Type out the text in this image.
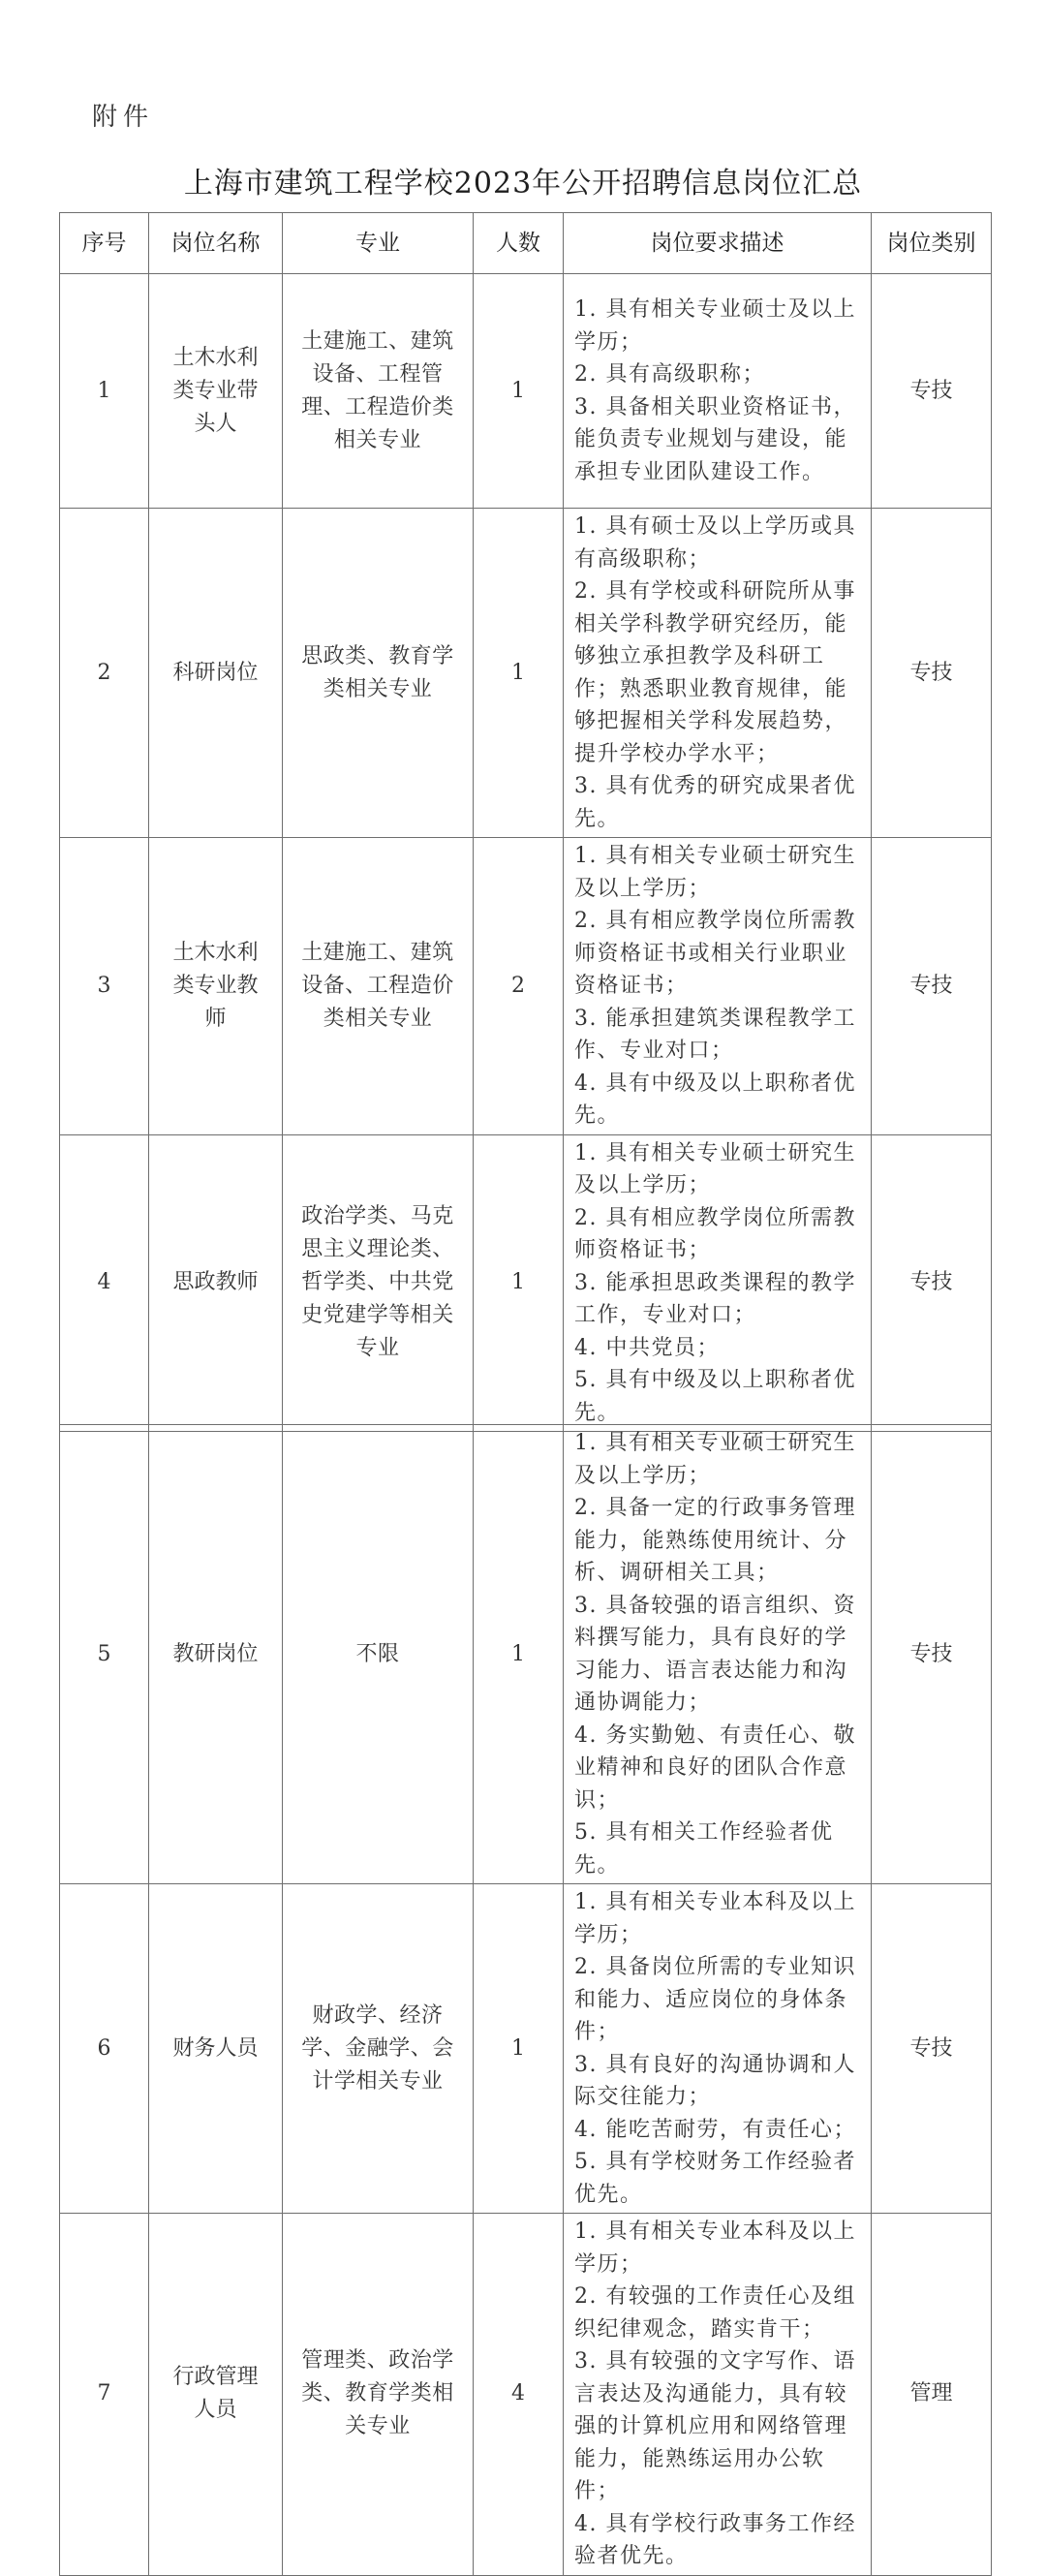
附件
上海市建筑工程学校2023年公开招聘信息岗位汇总
序号	岗位名称	专业	人数	岗位要求描述	岗位类别
1	土木水利类专业带头人	土建施工、建筑设备、工程管理、工程造价类相关专业	1	1. 具有相关专业硕士及以上学历；
2. 具有高级职称；
3. 具备相关职业资格证书，能负责专业规划与建设，能承担专业团队建设工作。	专技
2	科研岗位	思政类、教育学类相关专业	1	1. 具有硕士及以上学历或具有高级职称；
2. 具有学校或科研院所从事相关学科教学研究经历，能够独立承担教学及科研工作；熟悉职业教育规律，能够把握相关学科发展趋势，提升学校办学水平；
3. 具有优秀的研究成果者优先。	专技
3	土木水利类专业教师	土建施工、建筑设备、工程造价类相关专业	2	1. 具有相关专业硕士研究生及以上学历；
2. 具有相应教学岗位所需教师资格证书或相关行业职业资格证书；
3. 能承担建筑类课程教学工作、专业对口；
4. 具有中级及以上职称者优先。	专技
4	思政教师	政治学类、马克思主义理论类、哲学类、中共党史党建学等相关专业	1	1. 具有相关专业硕士研究生及以上学历；
2. 具有相应教学岗位所需教师资格证书；
3. 能承担思政类课程的教学工作，专业对口；
4. 中共党员；
5. 具有中级及以上职称者优先。	专技
5	教研岗位	不限	1	1. 具有相关专业硕士研究生及以上学历；
2. 具备一定的行政事务管理能力，能熟练使用统计、分析、调研相关工具；
3. 具备较强的语言组织、资料撰写能力，具有良好的学习能力、语言表达能力和沟通协调能力；
4. 务实勤勉、有责任心、敬业精神和良好的团队合作意识；
5. 具有相关工作经验者优先。	专技
6	财务人员	财政学、经济学、金融学、会计学相关专业	1	1. 具有相关专业本科及以上学历；
2. 具备岗位所需的专业知识和能力、适应岗位的身体条件；
3. 具有良好的沟通协调和人际交往能力；
4. 能吃苦耐劳，有责任心；
5. 具有学校财务工作经验者优先。	专技
7	行政管理人员	管理类、政治学类、教育学类相关专业	4	1. 具有相关专业本科及以上学历；
2. 有较强的工作责任心及组织纪律观念，踏实肯干；
3. 具有较强的文字写作、语言表达及沟通能力，具有较强的计算机应用和网络管理能力，能熟练运用办公软件；
4. 具有学校行政事务工作经验者优先。	管理
